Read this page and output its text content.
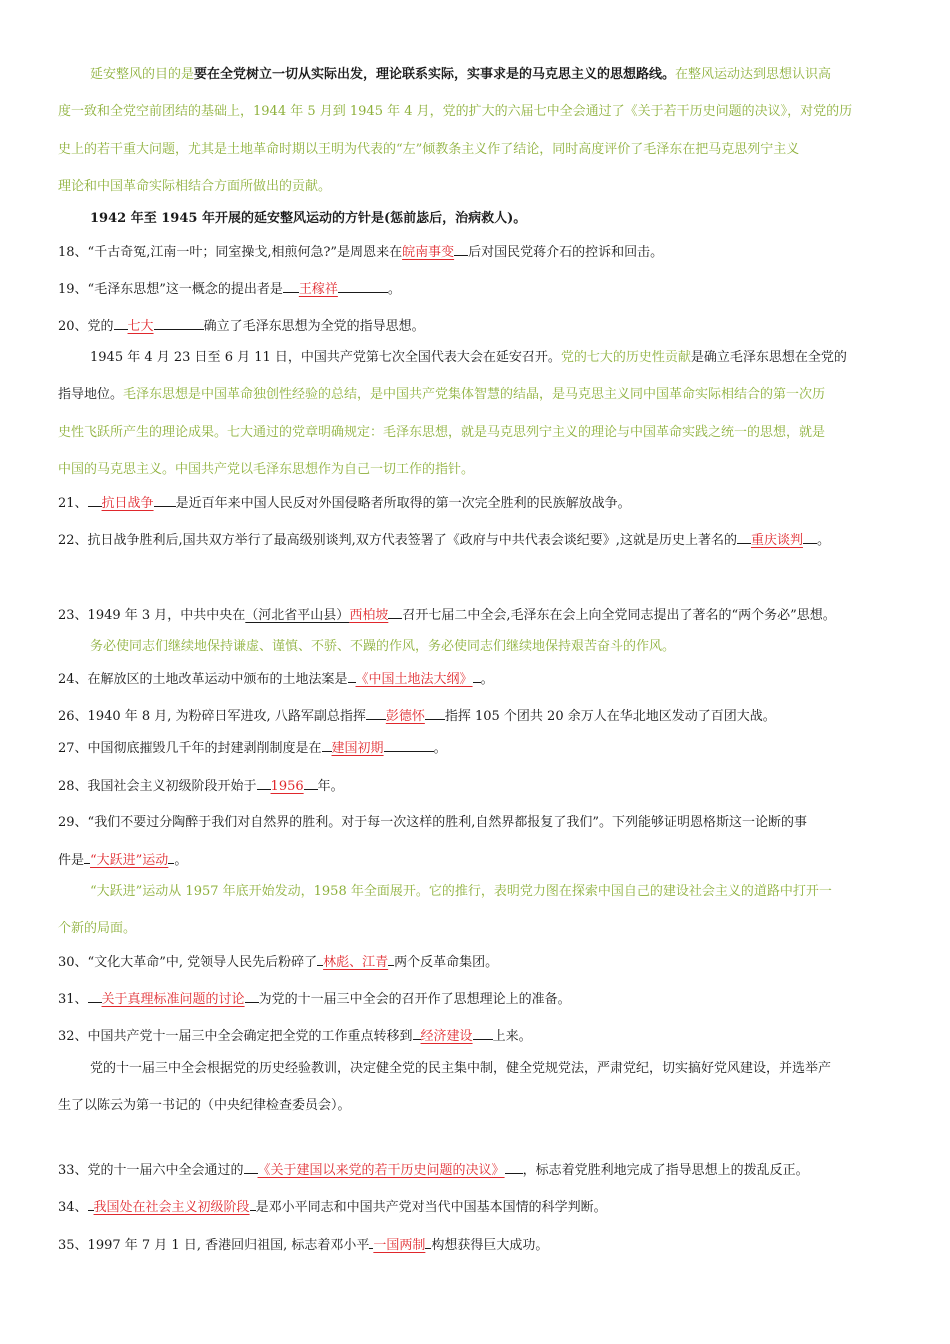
延安整风的目的是要在全党树立一切从实际出发，理论联系实际，实事求是的马克思主义的思想路线。在整风运动达到思想认识高
度一致和全党空前团结的基础上，1944 年 5 月到 1945 年 4 月，党的扩大的六届七中全会通过了《关于若干历史问题的决议》，对党的历
史上的若干重大问题，尤其是土地革命时期以王明为代表的“左”倾教条主义作了结论，同时高度评价了毛泽东在把马克思列宁主义
理论和中国革命实际相结合方面所做出的贡献。
1942 年至 1945 年开展的延安整风运动的方针是(惩前毖后，治病救人)。
18、“千古奇冤,江南一叶；同室操戈,相煎何急?”是周恩来在皖南事变 后对国民党蒋介石的控诉和回击。
19、“毛泽东思想”这一概念的提出者是 王稼祥	。
20、党的 七大	确立了毛泽东思想为全党的指导思想。
1945 年 4 月 23 日至 6 月 11 日，中国共产党第七次全国代表大会在延安召开。党的七大的历史性贡献是确立毛泽东思想在全党的
指导地位。毛泽东思想是中国革命独创性经验的总结，是中国共产党集体智慧的结晶，是马克思主义同中国革命实际相结合的第一次历
史性飞跃所产生的理论成果。七大通过的党章明确规定：毛泽东思想，就是马克思列宁主义的理论与中国革命实践之统一的思想，就是
中国的马克思主义。中国共产党以毛泽东思想作为自己一切工作的指针。
21、 抗日战争 是近百年来中国人民反对外国侵略者所取得的第一次完全胜利的民族解放战争。
22、抗日战争胜利后,国共双方举行了最高级别谈判,双方代表签署了《政府与中共代表会谈纪要》,这就是历史上著名的 重庆谈判 。
23、1949 年 3 月，中共中央在（河北省平山县）西柏坡 召开七届二中全会,毛泽东在会上向全党同志提出了著名的“两个务必”思想。
务必使同志们继续地保持谦虚、谨慎、不骄、不躁的作风，务必使同志们继续地保持艰苦奋斗的作风。
24、在解放区的土地改革运动中颁布的土地法案是 《中国土地法大纲》 。
26、1940 年 8 月, 为粉碎日军进攻, 八路军副总指挥 彭德怀 指挥 105 个团共 20 余万人在华北地区发动了百团大战。
27、中国彻底摧毁几千年的封建剥削制度是在 建国初期	。
28、我国社会主义初级阶段开始于 1956 年。
29、“我们不要过分陶醉于我们对自然界的胜利。对于每一次这样的胜利,自然界都报复了我们”。下列能够证明恩格斯这一论断的事
件是 “大跃进”运动 。
“大跃进”运动从 1957 年底开始发动，1958 年全面展开。它的推行，表明党力图在探索中国自己的建设社会主义的道路中打开一
个新的局面。
30、“文化大革命”中, 党领导人民先后粉碎了 林彪、江青 两个反革命集团。
31、 关于真理标准问题的讨论 为党的十一届三中全会的召开作了思想理论上的准备。
32、中国共产党十一届三中全会确定把全党的工作重点转移到 经济建设 上来。
党的十一届三中全会根据党的历史经验教训，决定健全党的民主集中制，健全党规党法，严肃党纪，切实搞好党风建设，并选举产
生了以陈云为第一书记的（中央纪律检查委员会）。
33、党的十一届六中全会通过的 《关于建国以来党的若干历史问题的决议》 ，标志着党胜利地完成了指导思想上的拨乱反正。
34、 我国处在社会主义初级阶段 是邓小平同志和中国共产党对当代中国基本国情的科学判断。
35、1997 年 7 月 1 日, 香港回归祖国, 标志着邓小平 一国两制 构想获得巨大成功。
